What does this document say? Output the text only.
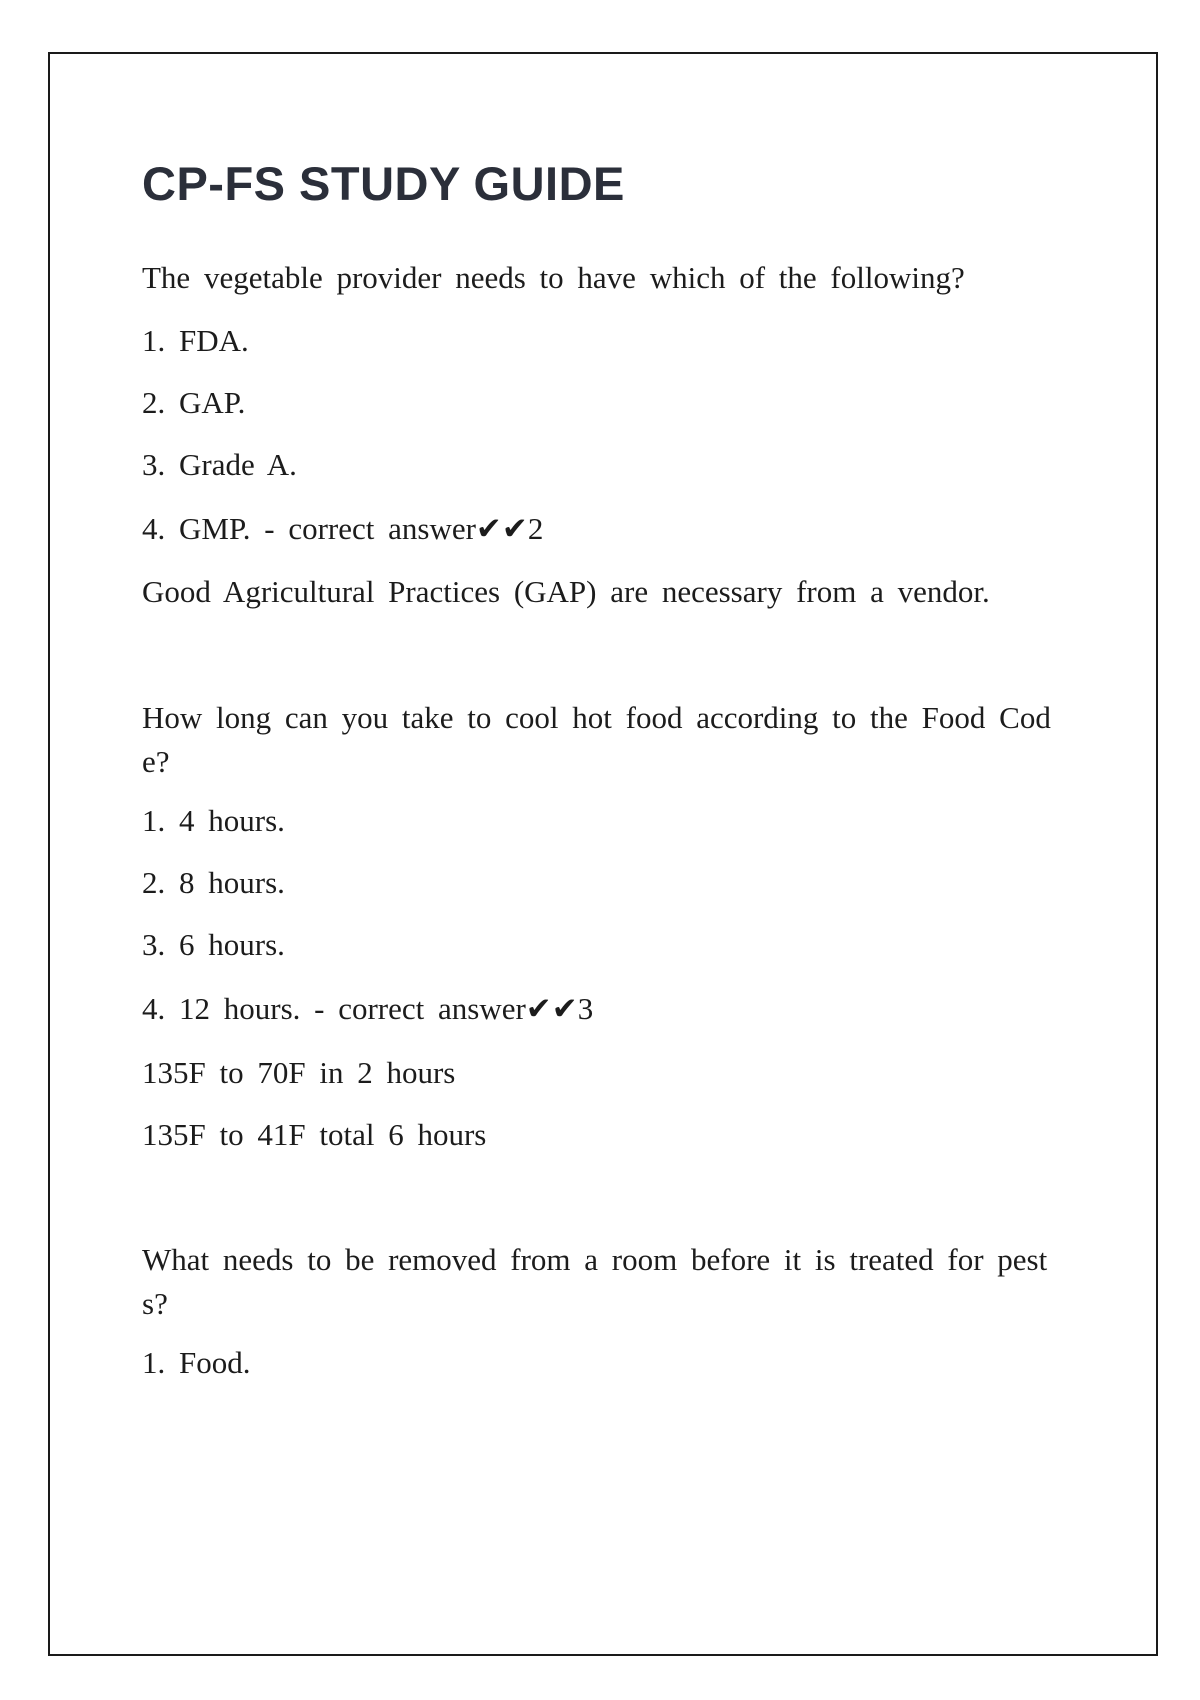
CP-FS STUDY GUIDE
The vegetable provider needs to have which of the following?
1. FDA.
2. GAP.
3. Grade A.
4. GMP. - correct answer✔✔2
Good Agricultural Practices (GAP) are necessary from a vendor.
How long can you take to cool hot food according to the Food Code?
1. 4 hours.
2. 8 hours.
3. 6 hours.
4. 12 hours. - correct answer✔✔3
135F to 70F in 2 hours
135F to 41F total 6 hours
What needs to be removed from a room before it is treated for pests?
1. Food.
